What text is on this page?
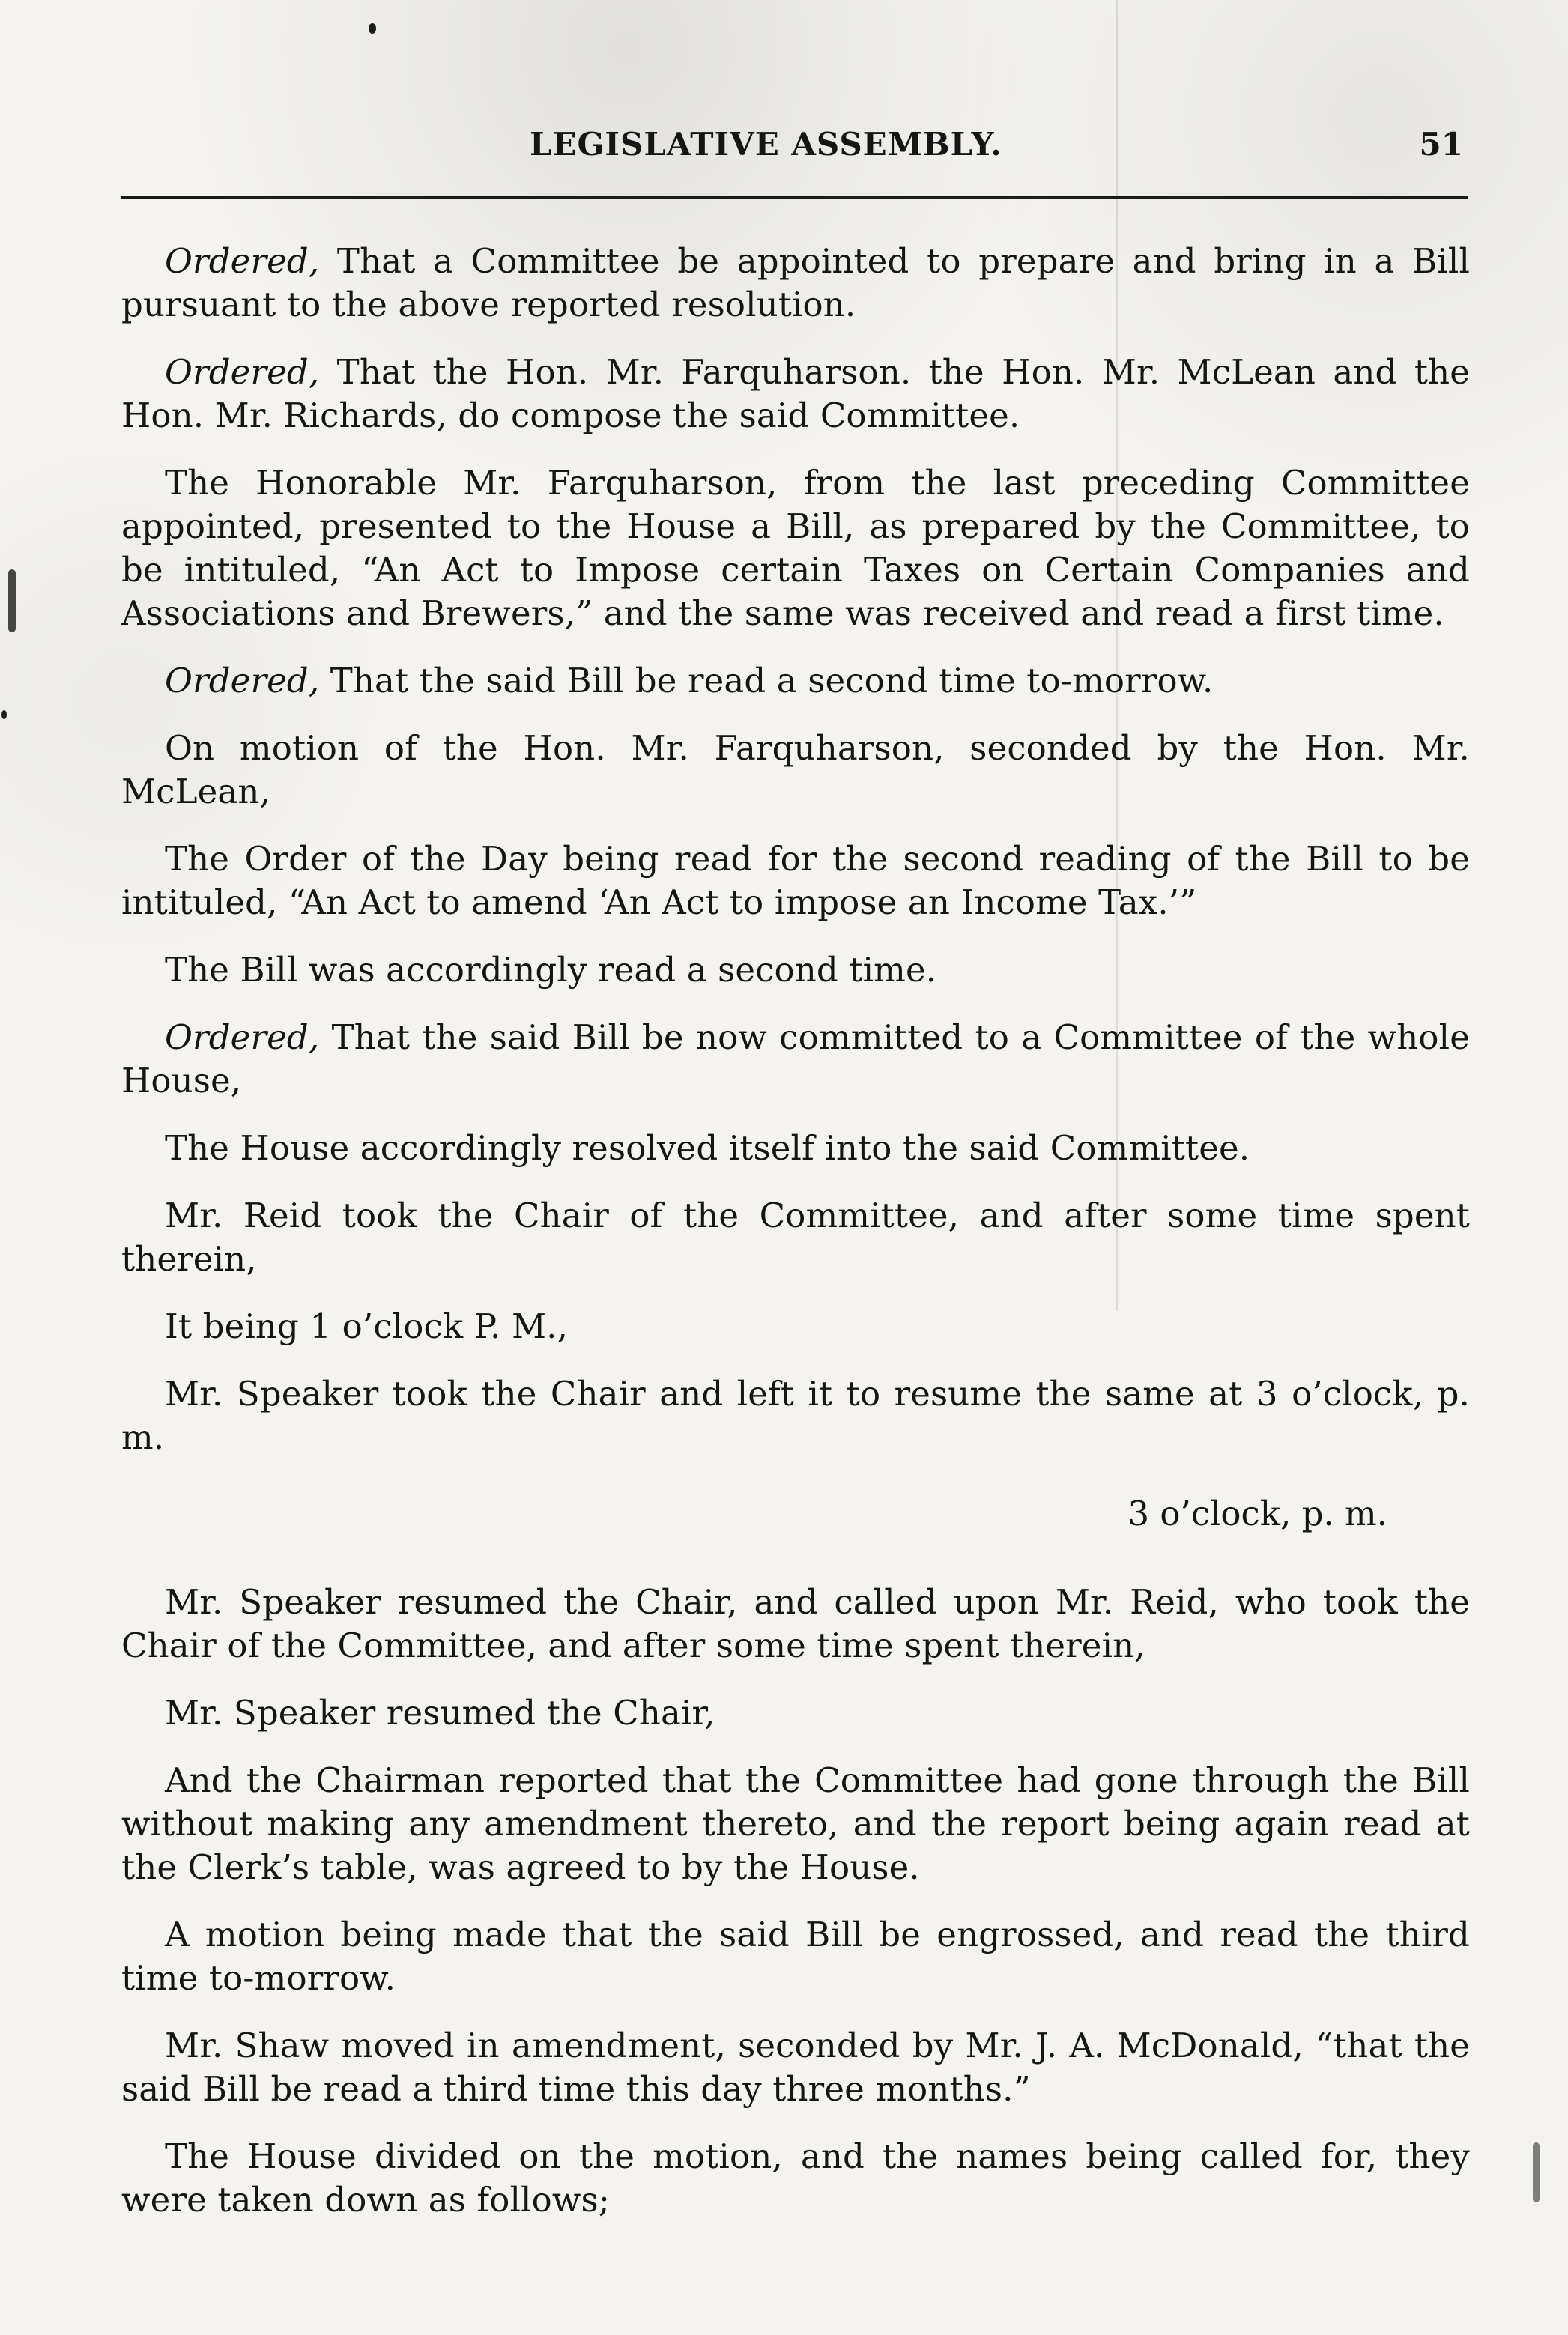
LEGISLATIVE ASSEMBLY.	51

Ordered, That a Committee be appointed to prepare and bring in a Bill pursuant to the above reported resolution.

Ordered, That the Hon. Mr. Farquharson. the Hon. Mr. McLean and the Hon. Mr. Richards, do compose the said Committee.

The Honorable Mr. Farquharson, from the last preceding Committee appointed, presented to the House a Bill, as prepared by the Committee, to be intituled, “An Act to Impose certain Taxes on Certain Companies and Associations and Brewers,” and the same was received and read a first time.

Ordered, That the said Bill be read a second time to-morrow.

On motion of the Hon. Mr. Farquharson, seconded by the Hon. Mr. McLean,

The Order of the Day being read for the second reading of the Bill to be intituled, “An Act to amend ‘An Act to impose an Income Tax.’”

The Bill was accordingly read a second time.

Ordered, That the said Bill be now committed to a Committee of the whole House,

The House accordingly resolved itself into the said Committee.

Mr. Reid took the Chair of the Committee, and after some time spent therein,

It being 1 o’clock P. M.,

Mr. Speaker took the Chair and left it to resume the same at 3 o’clock, p. m.

3 o’clock, p. m.

Mr. Speaker resumed the Chair, and called upon Mr. Reid, who took the Chair of the Committee, and after some time spent therein,

Mr. Speaker resumed the Chair,

And the Chairman reported that the Committee had gone through the Bill without making any amendment thereto, and the report being again read at the Clerk’s table, was agreed to by the House.

A motion being made that the said Bill be engrossed, and read the third time to-morrow.

Mr. Shaw moved in amendment, seconded by Mr. J. A. McDonald, “that the said Bill be read a third time this day three months.”

The House divided on the motion, and the names being called for, they were taken down as follows;
